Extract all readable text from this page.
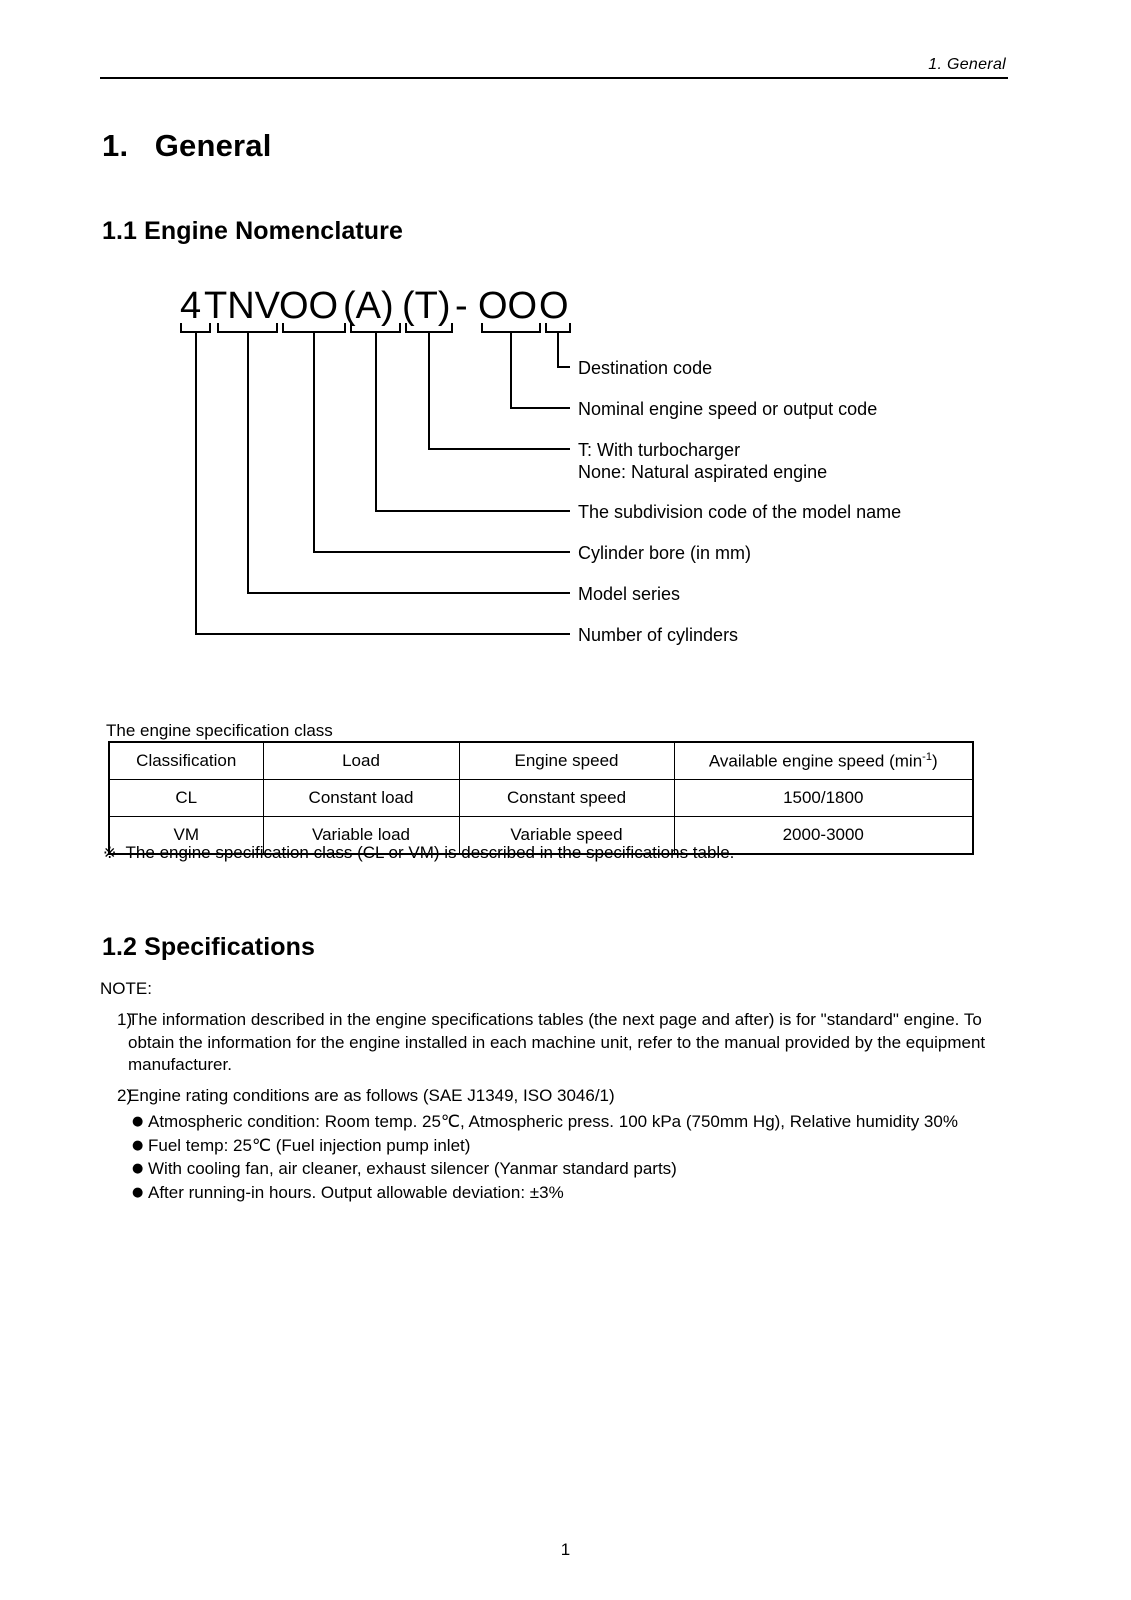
1. General
1.   General
1.1 Engine Nomenclature
4 TNV OO (A) (T) - OO O
Destination code
Nominal engine speed or output code
T: With turbocharger
None: Natural aspirated engine
The subdivision code of the model name
Cylinder bore (in mm)
Model series
Number of cylinders
The engine specification class
Classification	Load	Engine speed	Available engine speed (min$^{-1}$)
CL	Constant load	Constant speed	1500/1800
VM	Variable load	Variable speed	2000-3000
※ The engine specification class (CL or VM) is described in the specifications table.
1.2 Specifications
NOTE:
1)

The information described in the engine specifications tables (the next page and after) is for "standard" engine. To obtain the information for the engine installed in each machine unit, refer to the manual provided by the equipment manufacturer.

2)

Engine rating conditions are as follows (SAE J1349, ISO 3046/1)

● Atmospheric condition: Room temp. 25℃, Atmospheric press. 100 kPa (750mm Hg), Relative humidity 30%
● Fuel temp: 25℃ (Fuel injection pump inlet)
● With cooling fan, air cleaner, exhaust silencer (Yanmar standard parts)
● After running-in hours. Output allowable deviation: ±3%
1
